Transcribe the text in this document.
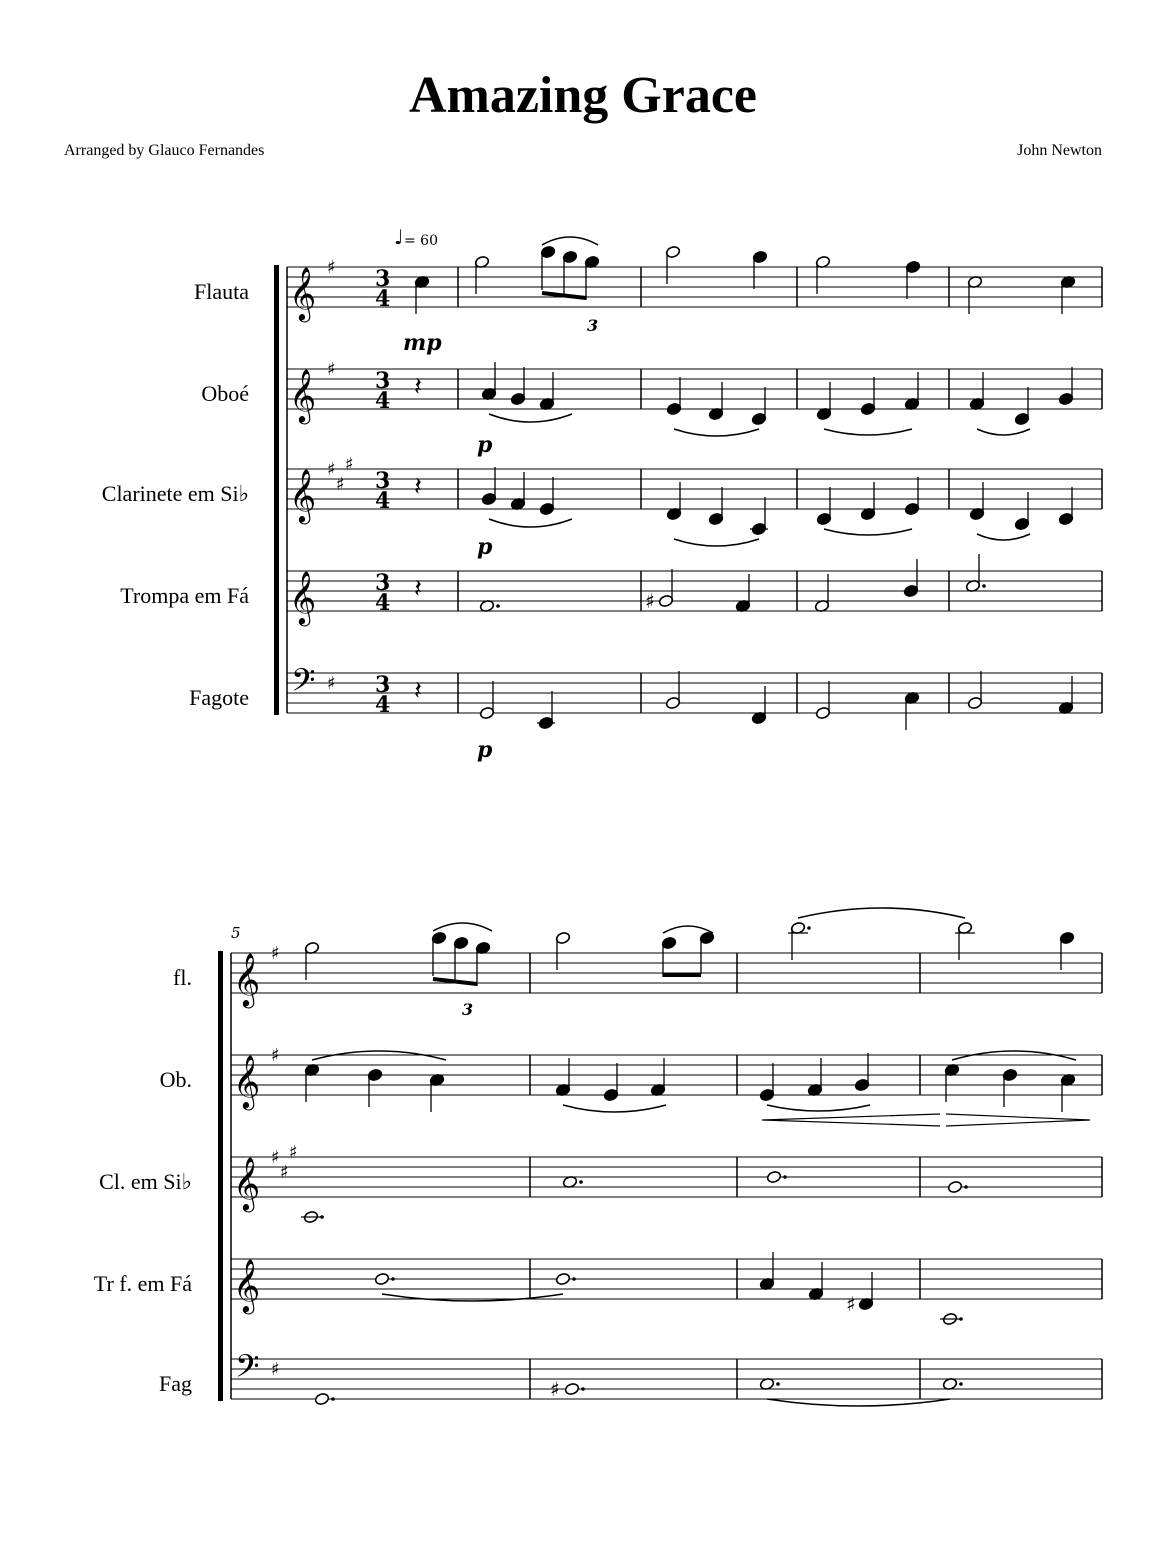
Amazing Grace
Arranged by Glauco Fernandes	John Newton
♩ = 60
Flauta 𝄞 ♯ 3
4
Oboé 𝄞 ♯ 3
4
Clarinete em Si♭ 𝄞 ♯
♯
♯
3
4
Trompa em Fá 𝄞	3
4
Fagote 𝄢 ♯ 3
4
mp
3
𝄽
p
𝄽
p
𝄽	♯
𝄽
p
5
fl. 𝄞 ♯
Ob. 𝄞 ♯
Cl. em Si♭ 𝄞 ♯
♯
♯
Tr f. em Fá 𝄞
Fag 𝄢 ♯
3
♯
♯
